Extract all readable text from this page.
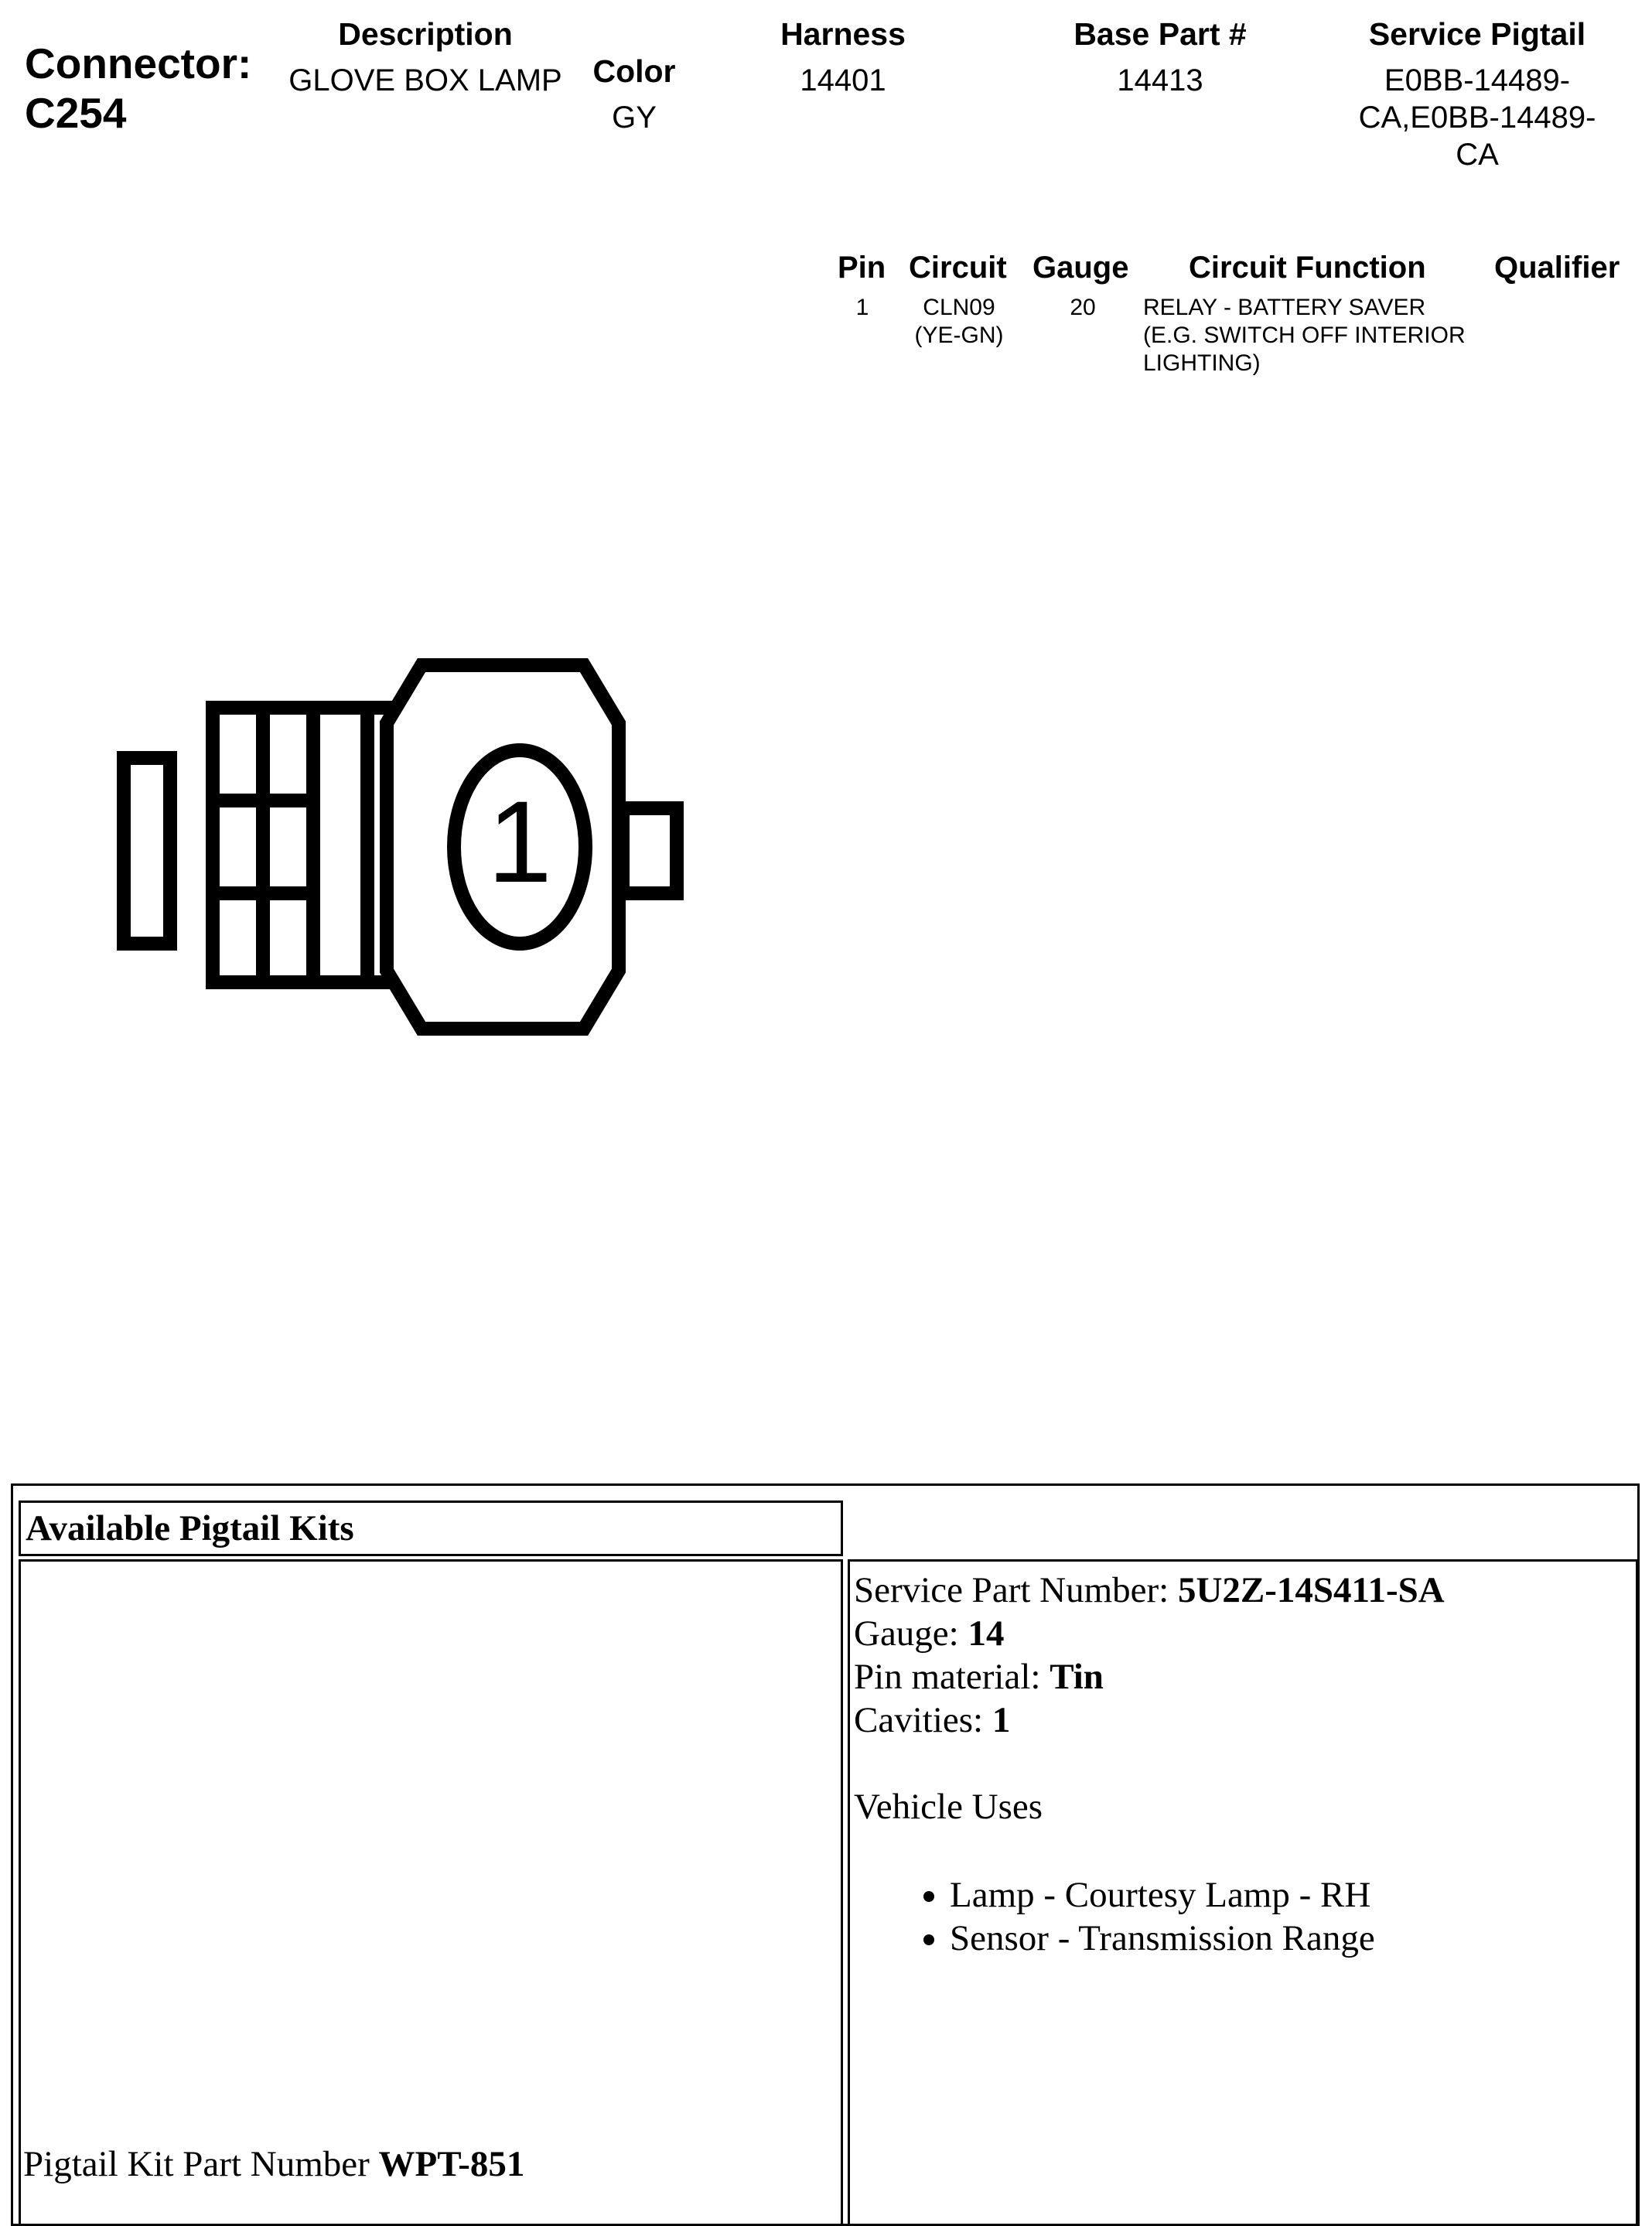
Connector:
C254
Description
GLOVE BOX LAMP Color
GY
Harness
14401
Base Part #
14413
Service Pigtail
E0BB-14489-
CA,E0BB-14489-
CA
Pin Circuit Gauge Circuit Function Qualifier
1	CLN09
(YE-GN)
20	RELAY - BATTERY SAVER
(E.G. SWITCH OFF INTERIOR
LIGHTING)
1
Available Pigtail Kits
Pigtail Kit Part Number WPT-851
Service Part Number: 5U2Z-14S411-SA
Gauge: 14
Pin material: Tin
Cavities: 1
Vehicle Uses
• Lamp - Courtesy Lamp - RH
• Sensor - Transmission Range
